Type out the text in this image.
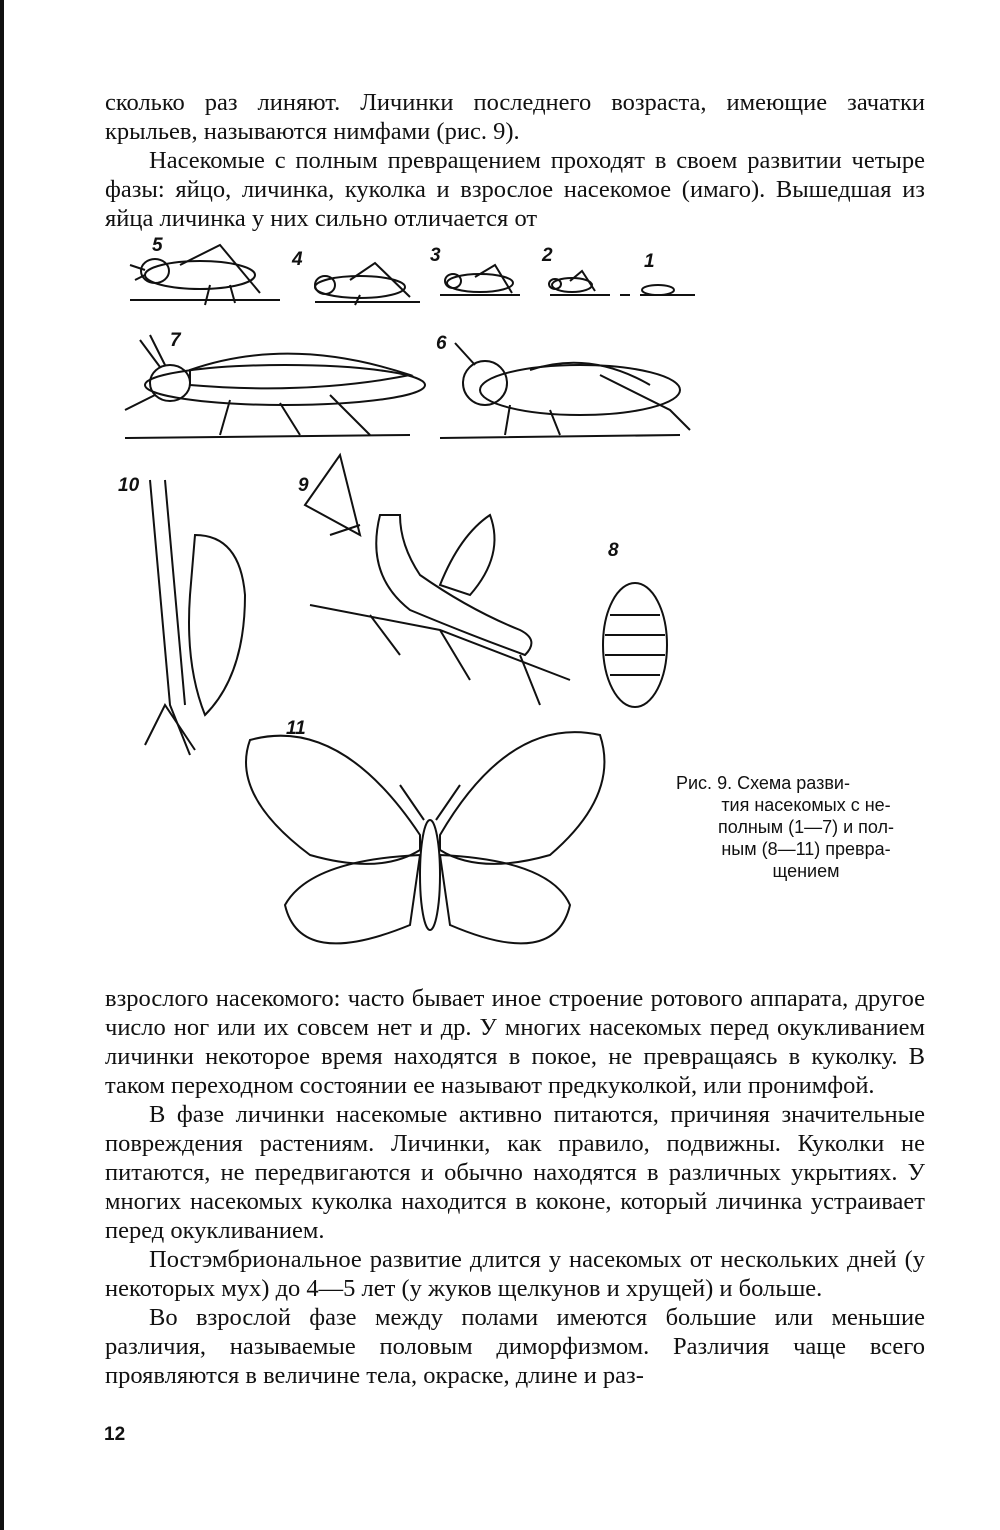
сколько раз линяют. Личинки последнего возраста, имеющие зачатки крыльев, называются нимфами (рис. 9).

Насекомые с полным превращением проходят в своем развитии четыре фазы: яйцо, личинка, куколка и взрослое насекомое (имаго). Вышедшая из яйца личинка у них сильно отличается от

5
4	3	2	1
7	6
10	9
8
11
Рис. 9. Схема разви-
тия насекомых с не-
полным (1—7) и пол-
ным (8—11) превра-
щением

взрослого насекомого: часто бывает иное строение ротового аппарата, другое число ног или их совсем нет и др. У многих насекомых перед окукливанием личинки некоторое время находятся в покое, не превращаясь в куколку. В таком переходном состоянии ее называют предкуколкой, или пронимфой.

В фазе личинки насекомые активно питаются, причиняя значительные повреждения растениям. Личинки, как правило, подвижны. Куколки не питаются, не передвигаются и обычно находятся в различных укрытиях. У многих насекомых куколка находится в коконе, который личинка устраивает перед окукливанием.

Постэмбриональное развитие длится у насекомых от нескольких дней (у некоторых мух) до 4—5 лет (у жуков щелкунов и хрущей) и больше.

Во взрослой фазе между полами имеются большие или меньшие различия, называемые половым диморфизмом. Различия чаще всего проявляются в величине тела, окраске, длине и раз-

12
